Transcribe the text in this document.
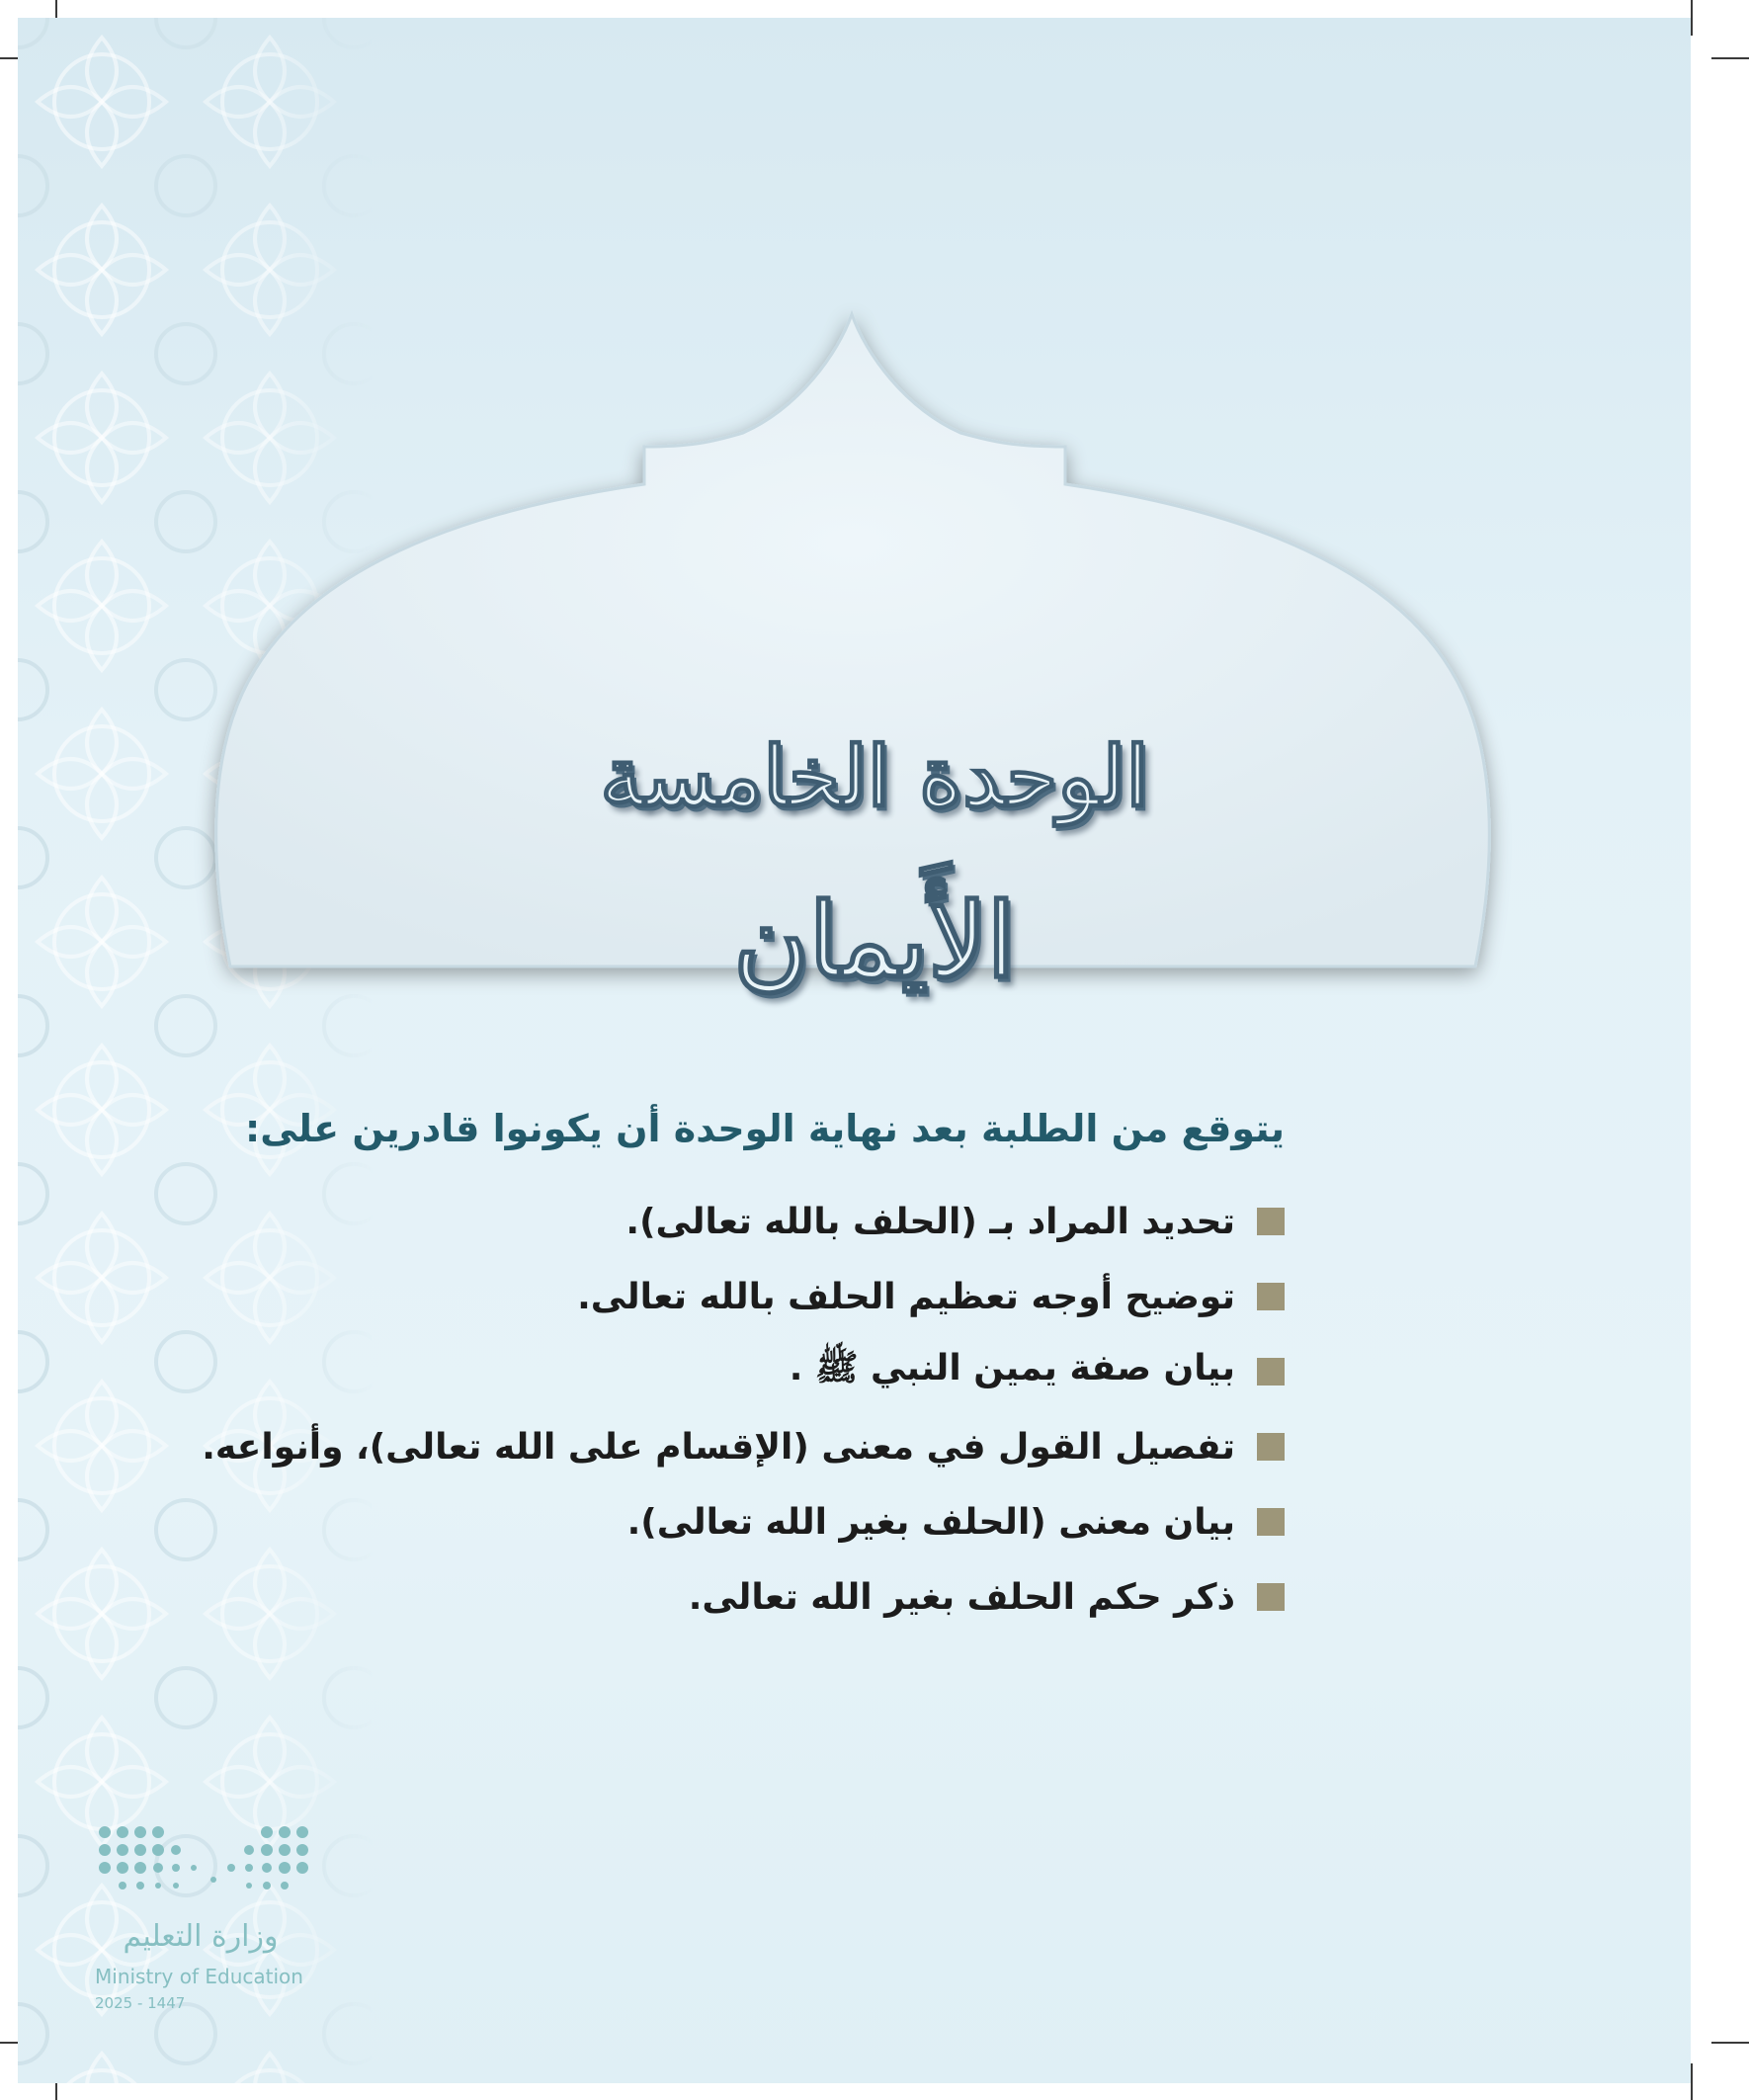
الوحدة الخامسة
الأَيمان
يتوقع من الطلبة بعد نهاية الوحدة أن يكونوا قادرين على:
تحديد المراد بـ (الحلف بالله تعالى).
توضيح أوجه تعظيم الحلف بالله تعالى.
بيان صفة يمين النبي ﷺ .
تفصيل القول في معنى (الإقسام على الله تعالى)، وأنواعه.
بيان معنى (الحلف بغير الله تعالى).
ذكر حكم الحلف بغير الله تعالى.
وزارة التعليم
Ministry of Education
2025 - 1447
